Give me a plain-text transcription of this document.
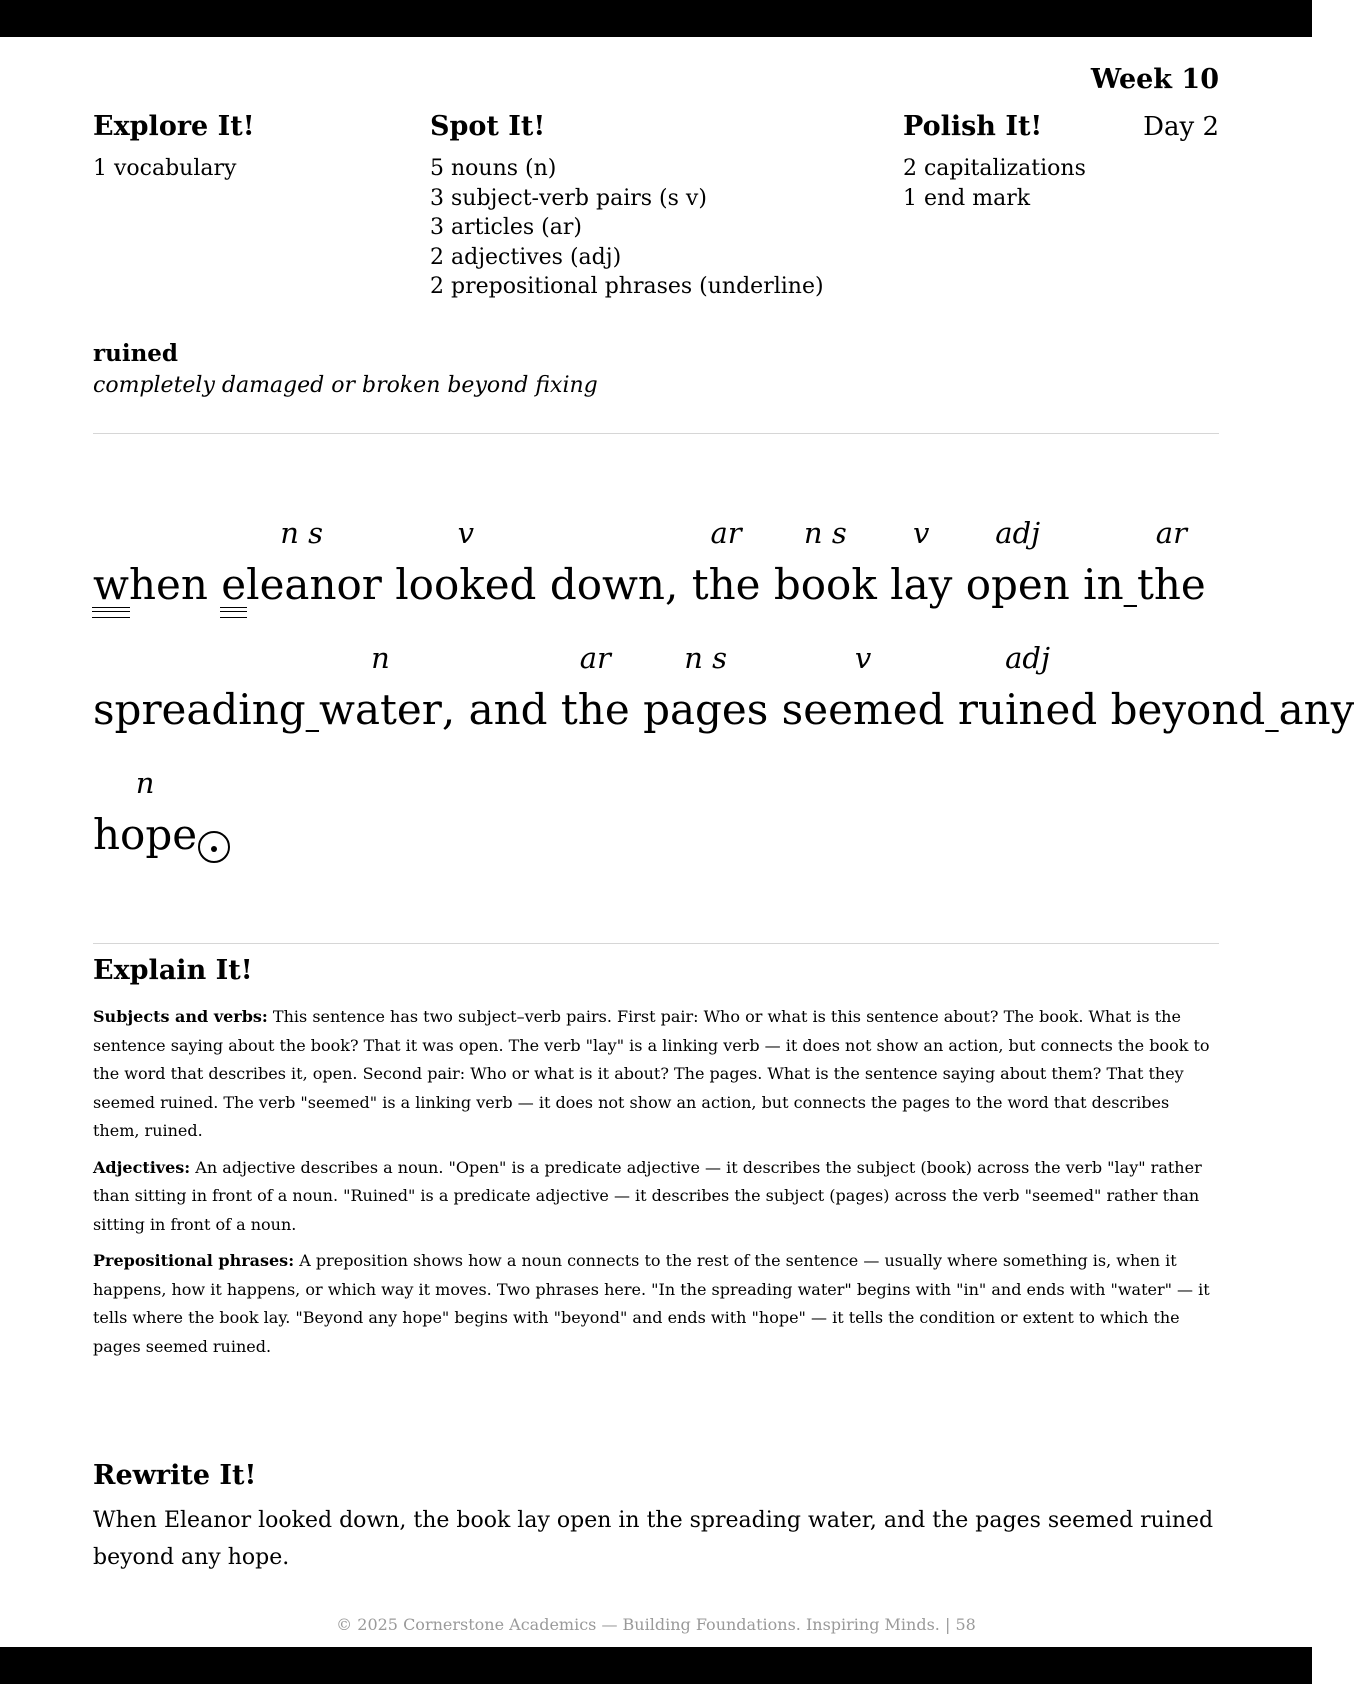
Week 10
Day 2
Explore It!
1 vocabulary
Spot It!
5 nouns (n)
3 subject-verb pairs (s v)
3 articles (ar)
2 adjectives (adj)
2 prepositional phrases (underline)
Polish It!
2 capitalizations
1 end mark
ruined
completely damaged or broken beyond fixing
w
hen
n s
e
leanor
v
looked down,
ar
the
n s
book
v
lay
adj
open in
ar
the
spreading
n
water, and
ar
the
n s
pages
v
seemed
adj
ruined beyond any
n
hope
Explain It!

Subjects and verbs: This sentence has two subject–verb pairs. First pair: Who or what is this sentence about? The book. What is the sentence saying about the book? That it was open. The verb "lay" is a linking verb — it does not show an action, but connects the book to the word that describes it, open. Second pair: Who or what is it about? The pages. What is the sentence saying about them? That they seemed ruined. The verb "seemed" is a linking verb — it does not show an action, but connects the pages to the word that describes them, ruined.

Adjectives: An adjective describes a noun. "Open" is a predicate adjective — it describes the subject (book) across the verb "lay" rather than sitting in front of a noun. "Ruined" is a predicate adjective — it describes the subject (pages) across the verb "seemed" rather than sitting in front of a noun.

Prepositional phrases: A preposition shows how a noun connects to the rest of the sentence — usually where something is, when it happens, how it happens, or which way it moves. Two phrases here. "In the spreading water" begins with "in" and ends with "water" — it tells where the book lay. "Beyond any hope" begins with "beyond" and ends with "hope" — it tells the condition or extent to which the pages seemed ruined.

Rewrite It!
When Eleanor looked down, the book lay open in the spreading water, and the pages seemed ruined beyond any hope.
© 2025 Cornerstone Academics — Building Foundations. Inspiring Minds. | 58
